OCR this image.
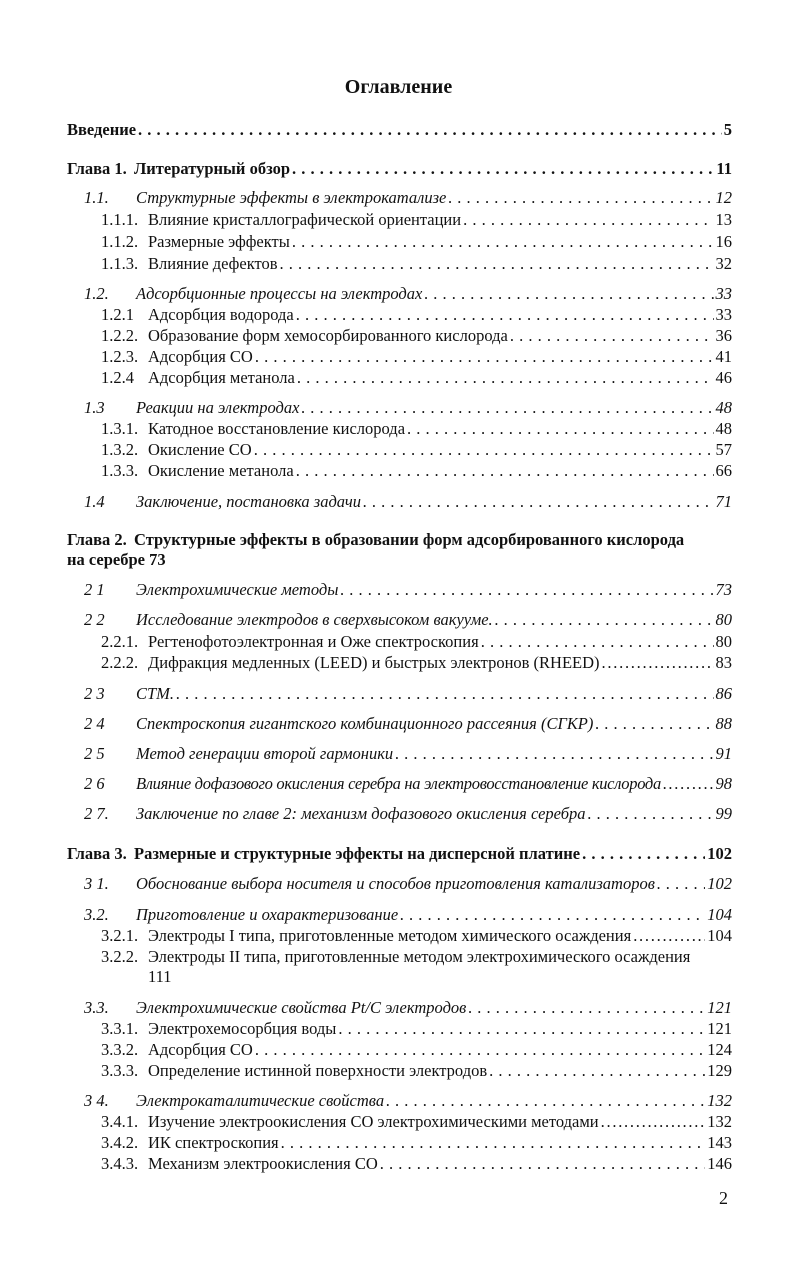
Оглавление
Введение . . .	5
Глава 1. Литературный обзор . . .	11
1.1.	Структурные эффекты в электрокатализе . . .	12
1.1.1. Влияние кристаллографической ориентации . . .	13
1.1.2. Размерные эффекты . . .	16
1.1.3. Влияние дефектов . . .	32
1.2.	Адсорбционные процессы на электродах . . .	33
1.2.1 Адсорбция водорода . . .	33
1.2.2. Образование форм хемосорбированного кислорода . . .	36
1.2.3. Адсорбция СО . . .	41
1.2.4 Адсорбция метанола . . .	46
1.3	Реакции на электродах . . .	48
1.3.1. Катодное восстановление кислорода . . .	48
1.3.2. Окисление СО . . .	57
1.3.3. Окисление метанола . . .	66
1.4	Заключение, постановка задачи . . .	71
Глава 2. Структурные эффекты в образовании форм адсорбированного кислорода
на серебре 73
2 1	Электрохимические методы . . .	73
2 2	Исследование электродов в сверхвысоком вакууме. . . .	80
2.2.1. Регтенофотоэлектронная и Оже спектроскопия . . .	80
2.2.2. Дифракция медленных (LEED) и быстрых электронов (RHEED) . . .	83
2 3	СТМ. . . .	86
2 4	Спектроскопия гигантского комбинационного рассеяния (СГКР) . . .	88
2 5	Метод генерации второй гармоники . . .	91
2 6	Влияние дофазового окисления серебра на электровосстановление кислорода . . .	98
2 7.	Заключение по главе 2: механизм дофазового окисления серебра . . .	99
Глава 3. Размерные и структурные эффекты на дисперсной платине . . .	102
3 1.	Обоснование выбора носителя и способов приготовления катализаторов . . .	102
3.2.	Приготовление и охарактеризование . . .	104
3.2.1. Электроды I типа, приготовленные методом химического осаждения . . .	104
3.2.2. Электроды II типа, приготовленные методом электрохимического осаждения
111
3.3.	Электрохимические свойства Pt/C электродов . . .	121
3.3.1. Электрохемосорбция воды . . .	121
3.3.2. Адсорбция СО . . .	124
3.3.3. Определение истинной поверхности электродов . . .	129
3 4.	Электрокаталитические свойства . . .	132
3.4.1. Изучение электроокисления СО электрохимическими методами . . .	132
3.4.2. ИК спектроскопия . . .	143
3.4.3. Механизм электроокисления СО . . .	146
2
